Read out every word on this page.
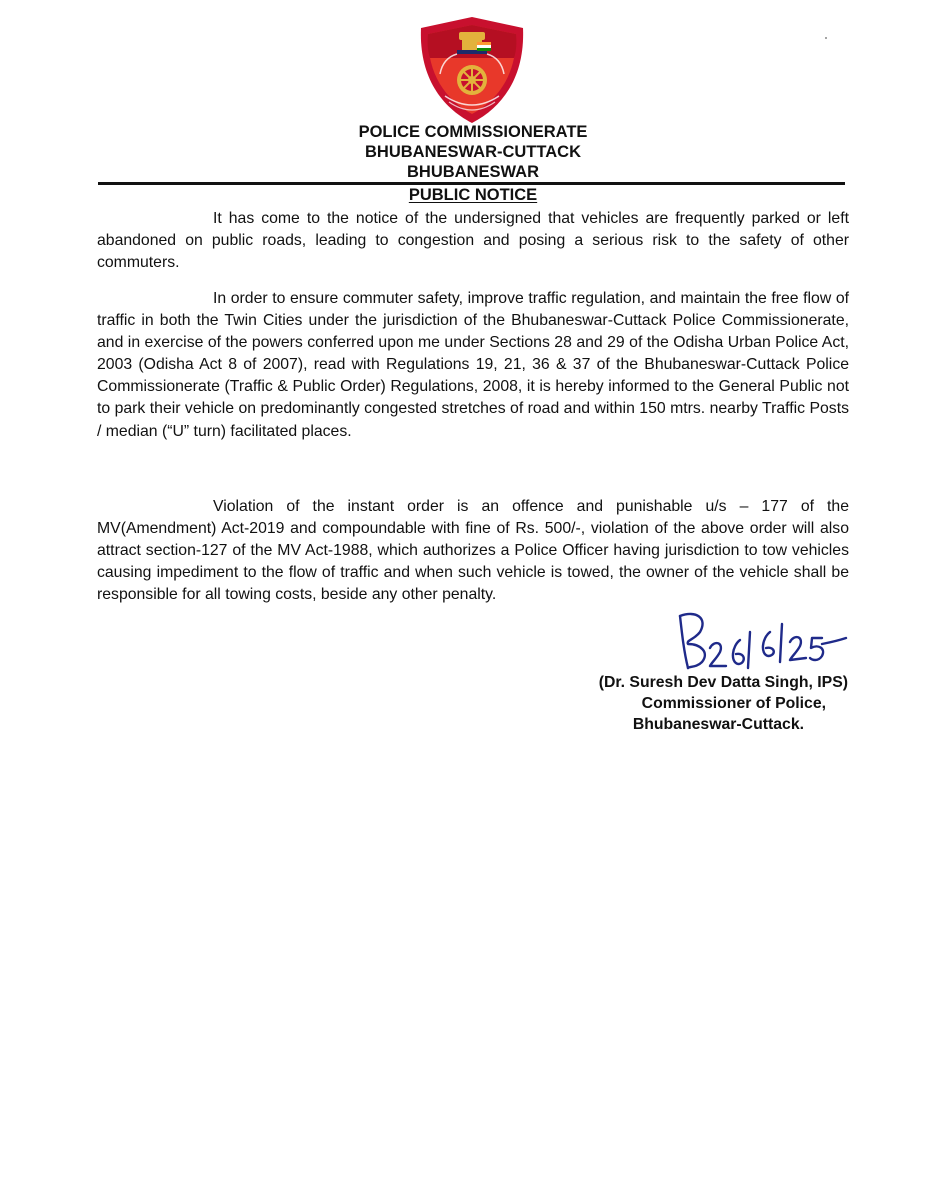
POLICE COMMISSIONERATE
BHUBANESWAR-CUTTACK
BHUBANESWAR
PUBLIC NOTICE

It has come to the notice of the undersigned that vehicles are frequently parked or left abandoned on public roads, leading to congestion and posing a serious risk to the safety of other commuters.

In order to ensure commuter safety, improve traffic regulation, and maintain the free flow of traffic in both the Twin Cities under the jurisdiction of the Bhubaneswar-Cuttack Police Commissionerate, and in exercise of the powers conferred upon me under Sections 28 and 29 of the Odisha Urban Police Act, 2003 (Odisha Act 8 of 2007), read with Regulations 19, 21, 36 & 37 of the Bhubaneswar-Cuttack Police Commissionerate (Traffic & Public Order) Regulations, 2008, it is hereby informed to the General Public not to park their vehicle on predominantly congested stretches of road and within 150 mtrs. nearby Traffic Posts / median (“U” turn) facilitated places.

Violation of the instant order is an offence and punishable u/s – 177 of the MV(Amendment) Act-2019 and compoundable with fine of Rs. 500/-, violation of the above order will also attract section-127 of the MV Act-1988, which authorizes a Police Officer having jurisdiction to tow vehicles causing impediment to the flow of traffic and when such vehicle is towed, the owner of the vehicle shall be responsible for all towing costs, beside any other penalty.

(Dr. Suresh Dev Datta Singh, IPS)
Commissioner of Police,
Bhubaneswar-Cuttack.
